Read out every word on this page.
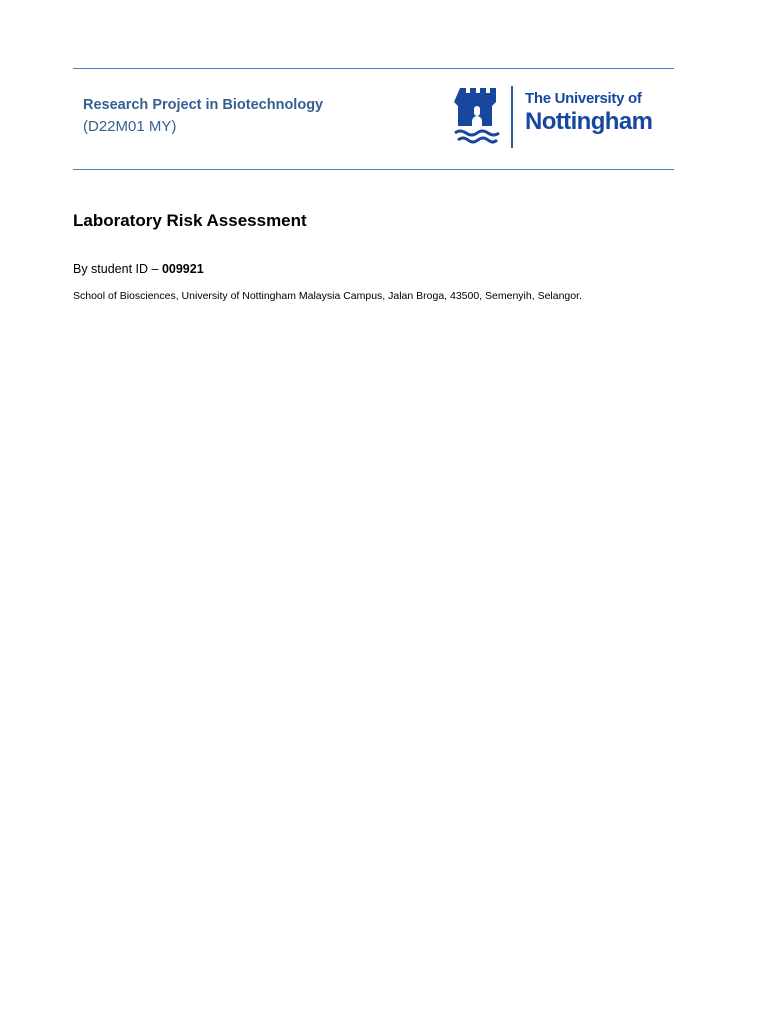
Research Project in Biotechnology
(D22M01 MY)
The University of
Nottingham
Laboratory Risk Assessment
By student ID – 009921
School of Biosciences, University of Nottingham Malaysia Campus, Jalan Broga, 43500, Semenyih, Selangor.
